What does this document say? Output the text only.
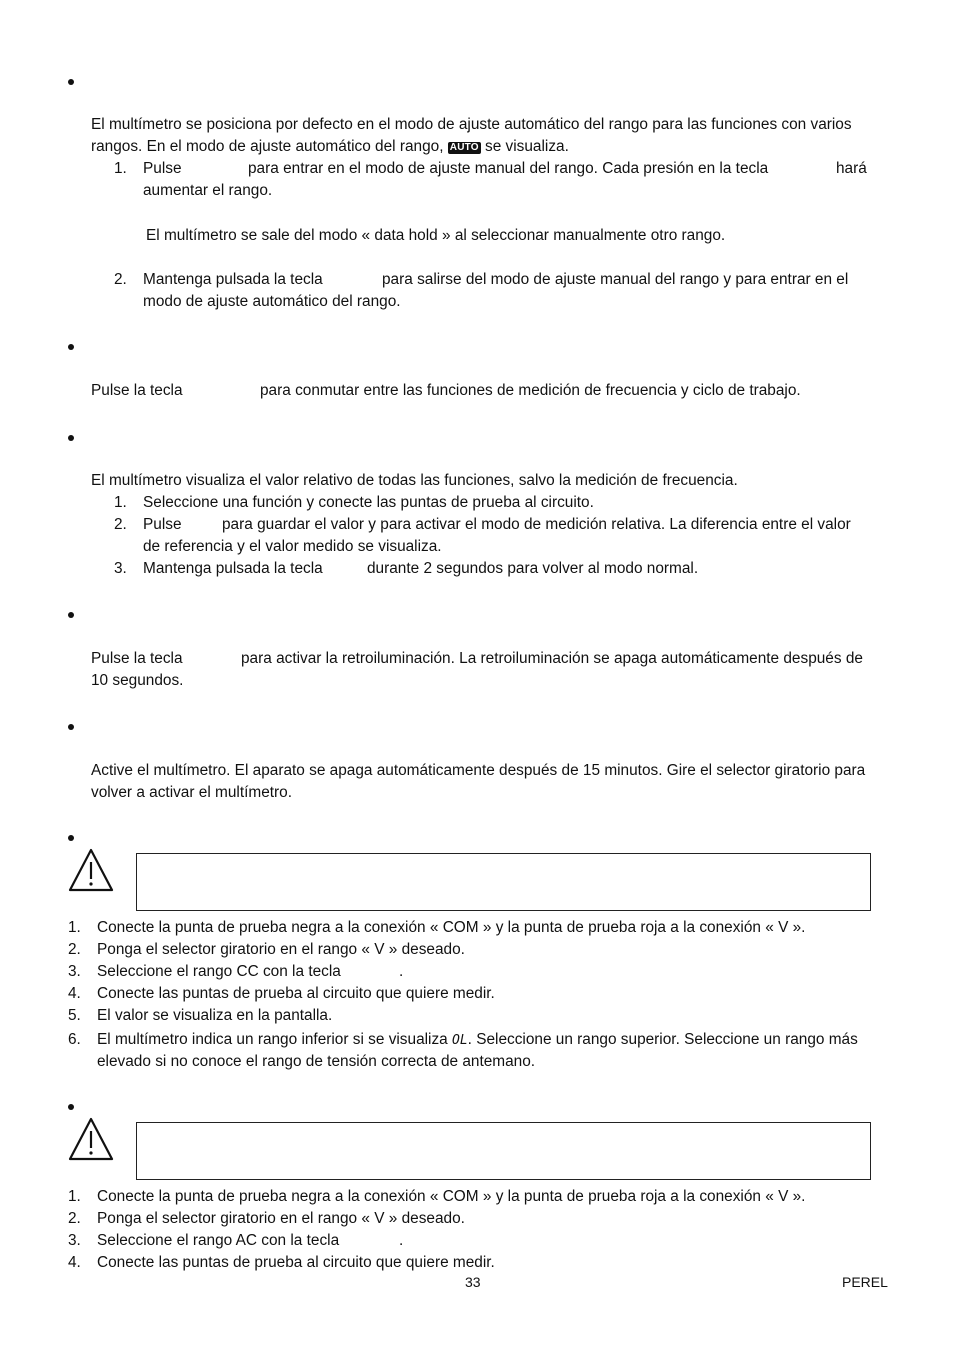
El multímetro se posiciona por defecto en el modo de ajuste automático del rango para las funciones con varios
rangos. En el modo de ajuste automático del rango, AUTO se visualiza.
1. Pulse	para entrar en el modo de ajuste manual del rango. Cada presión en la tecla	hará
aumentar el rango.
El multímetro se sale del modo « data hold » al seleccionar manualmente otro rango.
2. Mantenga pulsada la tecla	para salirse del modo de ajuste manual del rango y para entrar en el
modo de ajuste automático del rango.
Pulse la tecla	para conmutar entre las funciones de medición de frecuencia y ciclo de trabajo.
El multímetro visualiza el valor relativo de todas las funciones, salvo la medición de frecuencia.
1. Seleccione una función y conecte las puntas de prueba al circuito.
2. Pulse	para guardar el valor y para activar el modo de medición relativa. La diferencia entre el valor
de referencia y el valor medido se visualiza.
3. Mantenga pulsada la tecla	durante 2 segundos para volver al modo normal.
Pulse la tecla	para activar la retroiluminación. La retroiluminación se apaga automáticamente después de
10 segundos.
Active el multímetro. El aparato se apaga automáticamente después de 15 minutos. Gire el selector giratorio para
volver a activar el multímetro.
1. Conecte la punta de prueba negra a la conexión « COM » y la punta de prueba roja a la conexión « V ».
2. Ponga el selector giratorio en el rango « V » deseado.
3. Seleccione el rango CC con la tecla	.
4. Conecte las puntas de prueba al circuito que quiere medir.
5. El valor se visualiza en la pantalla.
6. El multímetro indica un rango inferior si se visualiza OL. Seleccione un rango superior. Seleccione un rango más
elevado si no conoce el rango de tensión correcta de antemano.
1. Conecte la punta de prueba negra a la conexión « COM » y la punta de prueba roja a la conexión « V ».
2. Ponga el selector giratorio en el rango « V » deseado.
3. Seleccione el rango AC con la tecla	.
4. Conecte las puntas de prueba al circuito que quiere medir.
33	PEREL
